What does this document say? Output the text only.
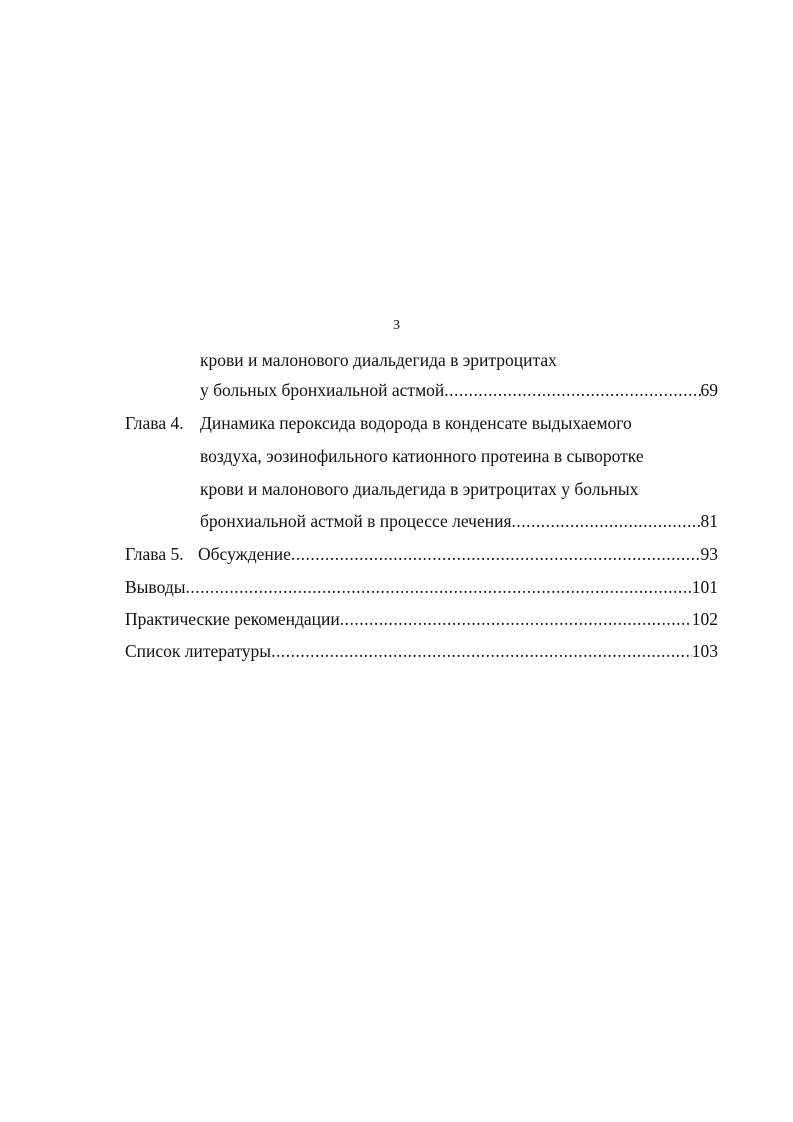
3
крови и малонового диальдегида в эритроцитах
у больных бронхиальной астмой .....	69
Глава 4. Динамика пероксида водорода в конденсате выдыхаемого
воздуха, эозинофильного катионного протеина в сыворотке
крови и малонового диальдегида в эритроцитах у больных
бронхиальной астмой в процессе лечения .....	81
Глава 5. Обсуждение .....	93
Выводы .....	101
Практические рекомендации .....	102
Список литературы .....	103
